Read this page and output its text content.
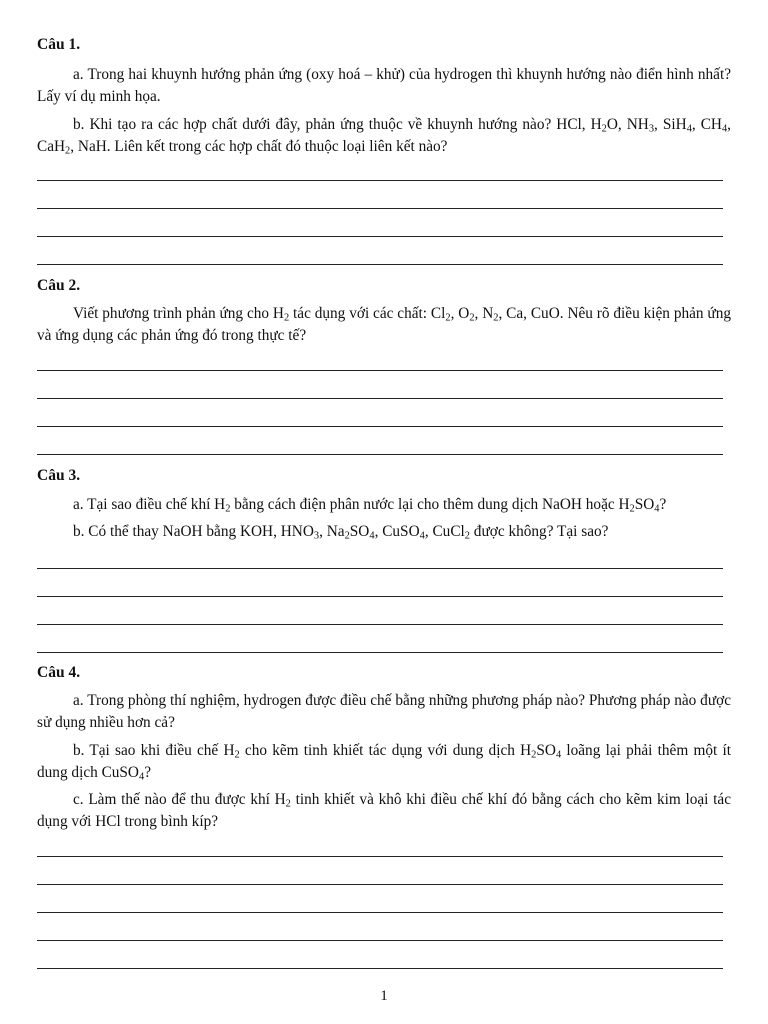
Câu 1.

a. Trong hai khuynh hướng phản ứng (oxy hoá – khử) của hydrogen thì khuynh hướng nào điển hình nhất? Lấy ví dụ minh họa.

b. Khi tạo ra các hợp chất dưới đây, phản ứng thuộc về khuynh hướng nào? HCl, $H_2O$, $NH_3$, SiH$_4$, $CH_4$, CaH$_2$, NaH. Liên kết trong các hợp chất đó thuộc loại liên kết nào?

Câu 2.

Viết phương trình phản ứng cho $H_2$ tác dụng với các chất: $Cl_2$, $O_2$, $N_2$, Ca, CuO. Nêu rõ điều kiện phản ứng và ứng dụng các phản ứng đó trong thực tế?

Câu 3.

a. Tại sao điều chế khí $H_2$ bằng cách điện phân nước lại cho thêm dung dịch NaOH hoặc $H_2SO_4$?

b. Có thể thay NaOH bằng KOH, $HNO_3$, $Na_2SO_4$, CuSO$_4$, CuCl$_2$ được không? Tại sao?

Câu 4.

a. Trong phòng thí nghiệm, hydrogen được điều chế bằng những phương pháp nào? Phương pháp nào được sử dụng nhiều hơn cả?

b. Tại sao khi điều chế $H_2$ cho kẽm tinh khiết tác dụng với dung dịch $H_2SO_4$ loãng lại phải thêm một ít dung dịch CuSO$_4$?

c. Làm thế nào để thu được khí $H_2$ tinh khiết và khô khi điều chế khí đó bằng cách cho kẽm kim loại tác dụng với HCl trong bình kíp?

1
